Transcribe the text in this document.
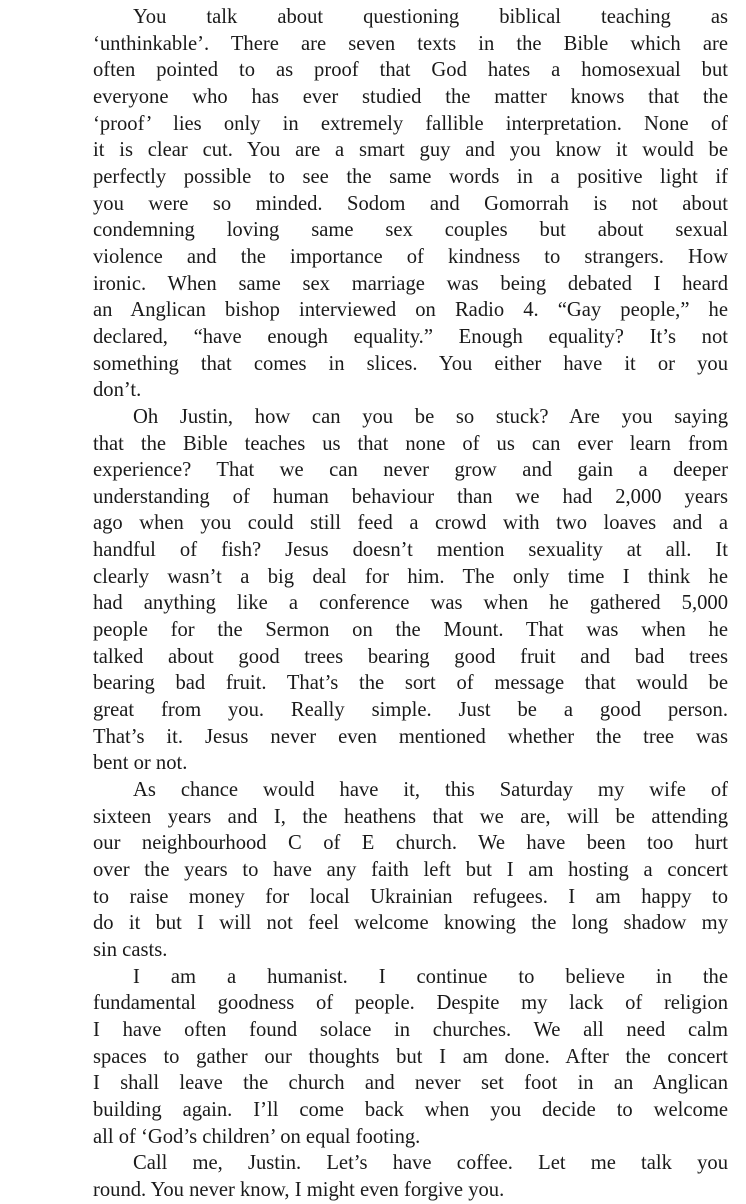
You talk about questioning biblical teaching as
‘unthinkable’. There are seven texts in the Bible which are
often pointed to as proof that God hates a homosexual but
everyone who has ever studied the matter knows that the
‘proof’ lies only in extremely fallible interpretation. None of
it is clear cut. You are a smart guy and you know it would be
perfectly possible to see the same words in a positive light if
you were so minded. Sodom and Gomorrah is not about
condemning loving same sex couples but about sexual
violence and the importance of kindness to strangers. How
ironic. When same sex marriage was being debated I heard
an Anglican bishop interviewed on Radio 4. “Gay people,” he
declared, “have enough equality.” Enough equality? It’s not
something that comes in slices. You either have it or you
don’t.

Oh Justin, how can you be so stuck? Are you saying
that the Bible teaches us that none of us can ever learn from
experience? That we can never grow and gain a deeper
understanding of human behaviour than we had 2,000 years
ago when you could still feed a crowd with two loaves and a
handful of fish? Jesus doesn’t mention sexuality at all. It
clearly wasn’t a big deal for him. The only time I think he
had anything like a conference was when he gathered 5,000
people for the Sermon on the Mount. That was when he
talked about good trees bearing good fruit and bad trees
bearing bad fruit. That’s the sort of message that would be
great from you. Really simple. Just be a good person.
That’s it. Jesus never even mentioned whether the tree was
bent or not.

As chance would have it, this Saturday my wife of
sixteen years and I, the heathens that we are, will be attending
our neighbourhood C of E church. We have been too hurt
over the years to have any faith left but I am hosting a concert
to raise money for local Ukrainian refugees. I am happy to
do it but I will not feel welcome knowing the long shadow my
sin casts.

I am a humanist. I continue to believe in the
fundamental goodness of people. Despite my lack of religion
I have often found solace in churches. We all need calm
spaces to gather our thoughts but I am done. After the concert
I shall leave the church and never set foot in an Anglican
building again. I’ll come back when you decide to welcome
all of ‘God’s children’ on equal footing.

Call me, Justin. Let’s have coffee. Let me talk you
round. You never know, I might even forgive you.
